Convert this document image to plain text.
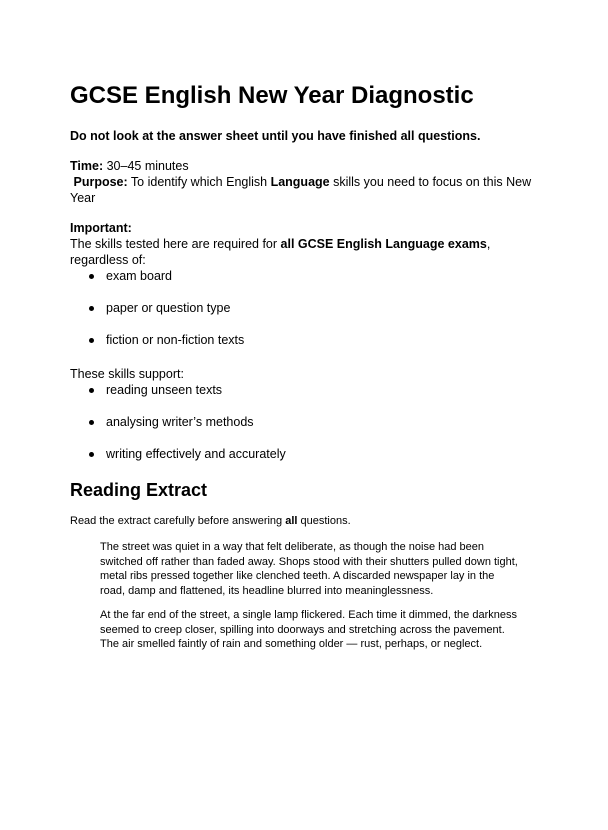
GCSE English New Year Diagnostic
Do not look at the answer sheet until you have finished all questions.
Time: 30–45 minutes
Purpose: To identify which English Language skills you need to focus on this New Year
Important:
The skills tested here are required for all GCSE English Language exams, regardless of:
exam board
paper or question type
fiction or non-fiction texts
These skills support:
reading unseen texts
analysing writer’s methods
writing effectively and accurately
Reading Extract
Read the extract carefully before answering all questions.

The street was quiet in a way that felt deliberate, as though the noise had been switched off rather than faded away. Shops stood with their shutters pulled down tight, metal ribs pressed together like clenched teeth. A discarded newspaper lay in the road, damp and flattened, its headline blurred into meaninglessness.

At the far end of the street, a single lamp flickered. Each time it dimmed, the darkness seemed to creep closer, spilling into doorways and stretching across the pavement. The air smelled faintly of rain and something older — rust, perhaps, or neglect.
